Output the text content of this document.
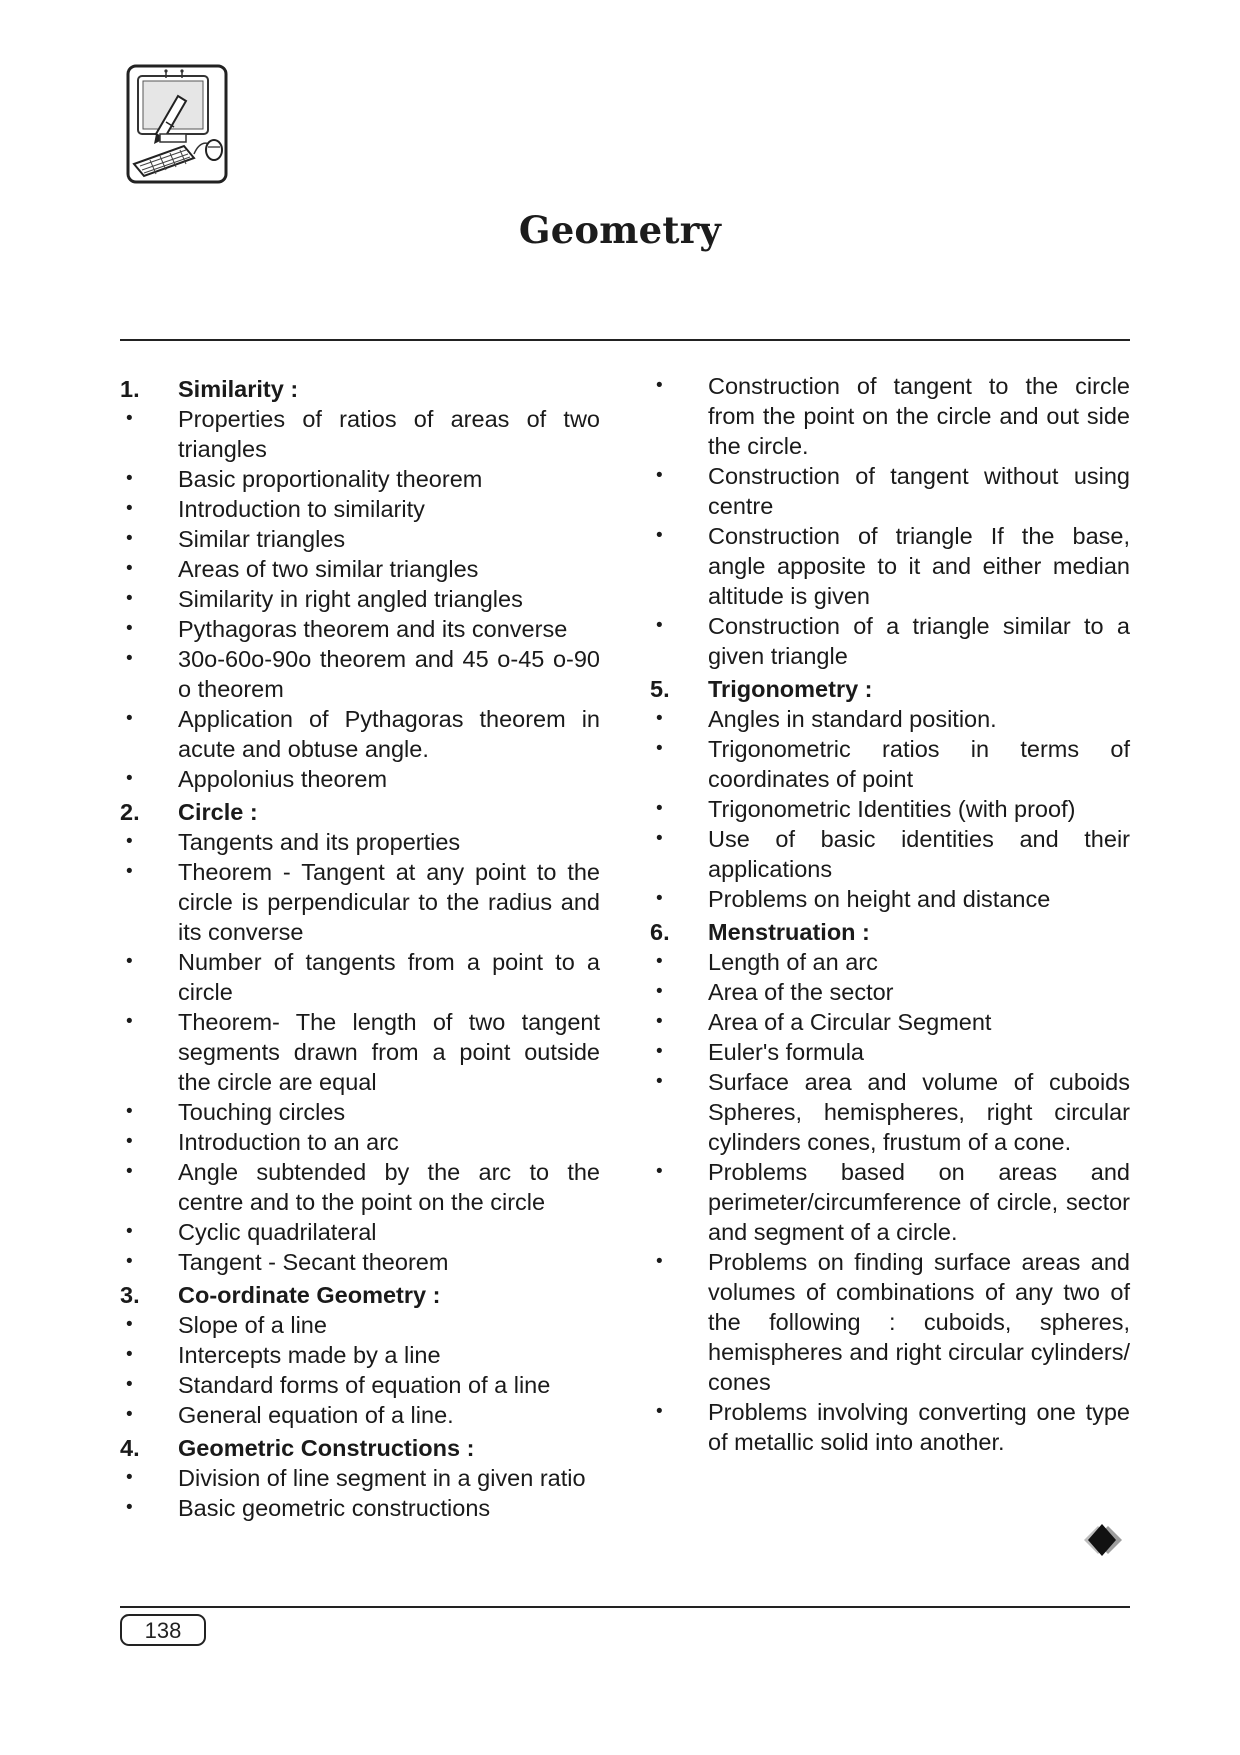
Geometry
1.	Similarity :
•	Properties of ratios of areas of two triangles
•	Basic proportionality theorem
•	Introduction to similarity
•	Similar triangles
•	Areas of two similar triangles
•	Similarity in right angled triangles
•	Pythagoras theorem and its converse
•	30o-60o-90o theorem and 45 o-45 o-90 o theorem
•	Application of Pythagoras theorem in acute and obtuse angle.
•	Appolonius theorem
2.	Circle :
•	Tangents and its properties
•	Theorem - Tangent at any point to the circle is perpendicular to the radius and its converse
•	Number of tangents from a point to a circle
•	Theorem- The length of two tangent segments drawn from a point outside the circle are equal
•	Touching circles
•	Introduction to an arc
•	Angle subtended by the arc to the centre and to the point on the circle
•	Cyclic quadrilateral
•	Tangent - Secant theorem
3.	Co-ordinate Geometry :
•	Slope of a line
•	Intercepts made by a line
•	Standard forms of equation of a line
•	General equation of a line.
4.	Geometric Constructions :
•	Division of line segment in a given ratio
•	Basic geometric constructions
•	Construction of tangent to the circle from the point on the circle and out side the circle.
•	Construction of tangent without using centre
•	Construction of triangle If the base, angle apposite to it and either median altitude is given
•	Construction of a triangle similar to a given triangle
5.	Trigonometry :
•	Angles in standard position.
•	Trigonometric ratios in terms of coordinates of point
•	Trigonometric Identities (with proof)
•	Use of basic identities and their applications
•	Problems on height and distance
6.	Menstruation :
•	Length of an arc
•	Area of the sector
•	Area of a Circular Segment
•	Euler's formula
•	Surface area and volume of cuboids Spheres, hemispheres, right circular cylinders cones, frustum of a cone.
•	Problems based on areas and perimeter/circumference of circle, sector and segment of a circle.
•	Problems on finding surface areas and volumes of combinations of any two of the following : cuboids, spheres, hemispheres and right circular cylinders/ cones
•	Problems involving converting one type of metallic solid into another.
138
